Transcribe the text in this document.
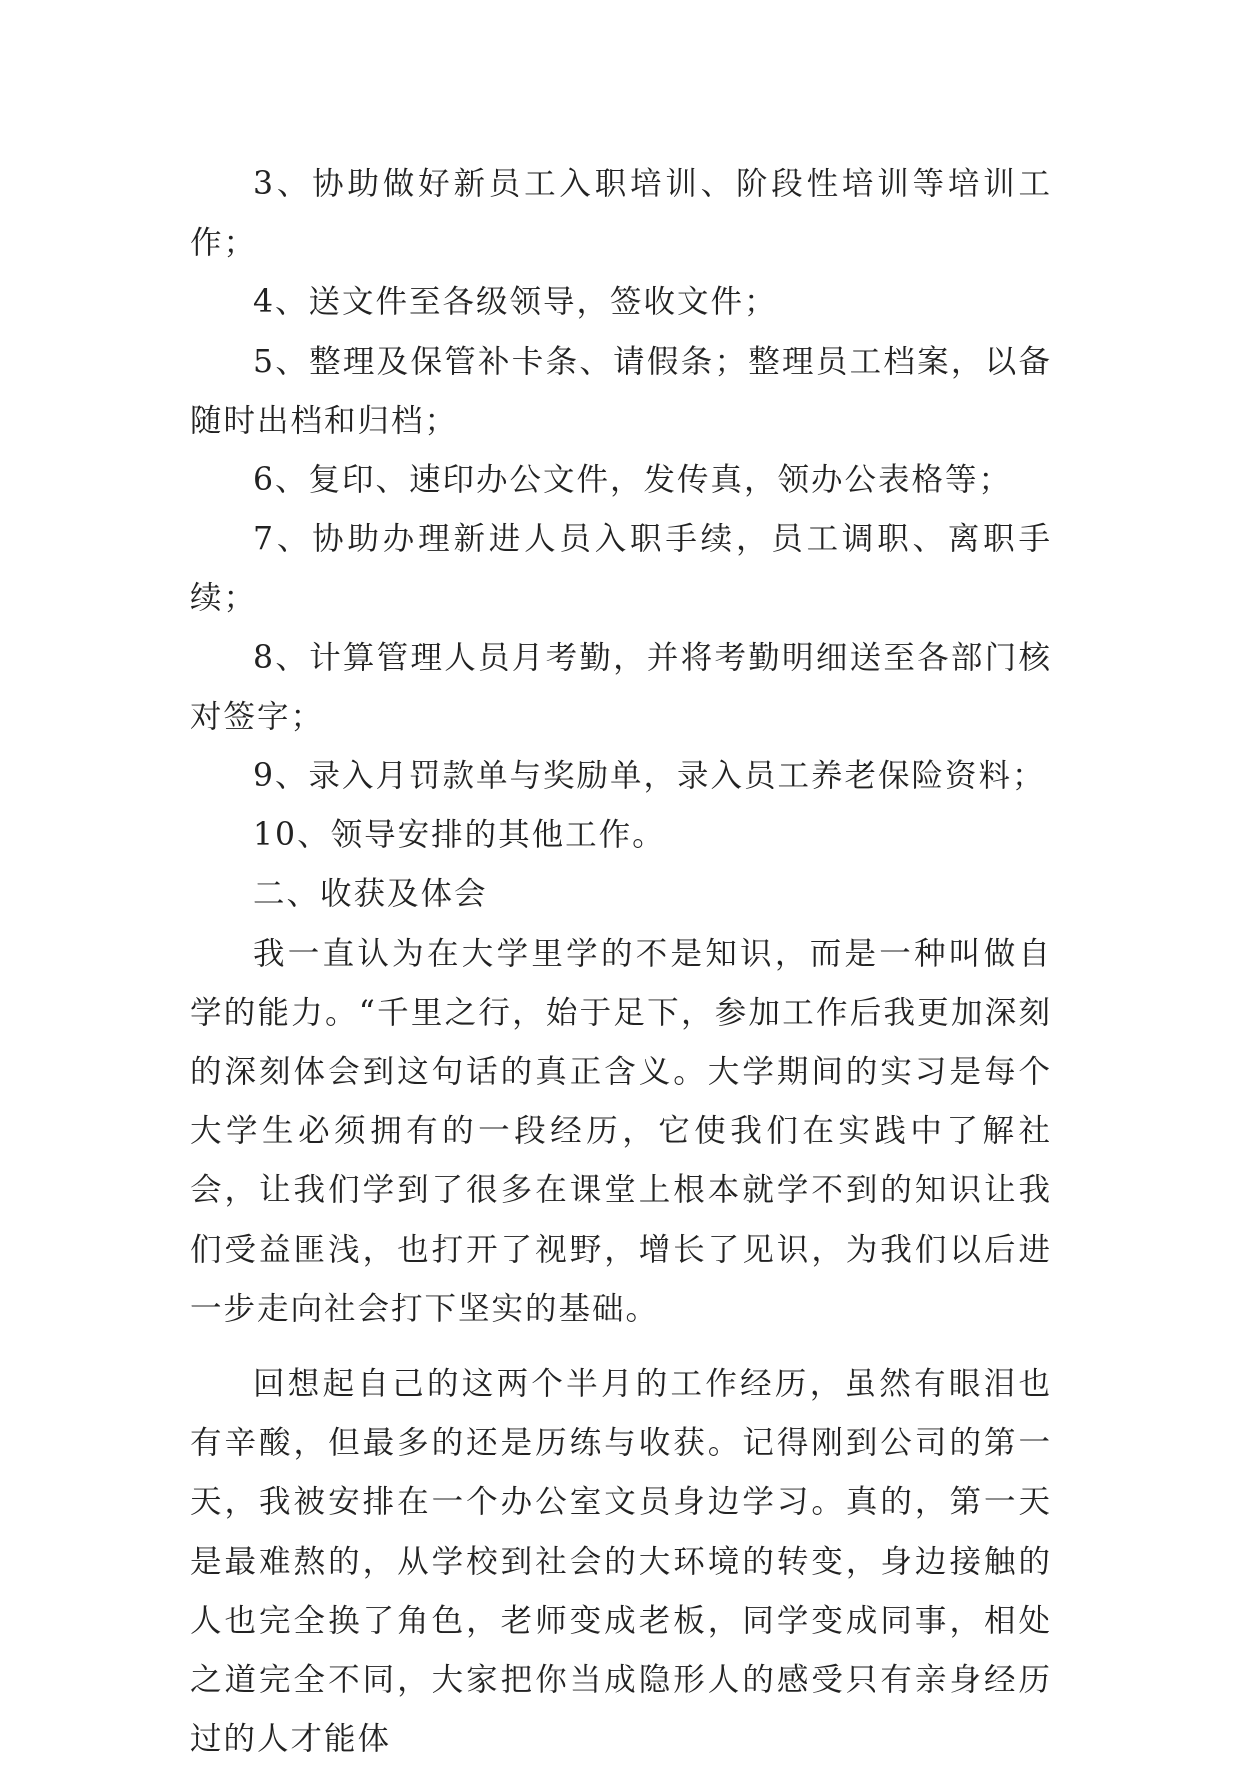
3、协助做好新员工入职培训、阶段性培训等培训工作；

4、送文件至各级领导，签收文件；

5、整理及保管补卡条、请假条；整理员工档案，以备随时出档和归档；

6、复印、速印办公文件，发传真，领办公表格等；

7、协助办理新进人员入职手续，员工调职、离职手续；

8、计算管理人员月考勤，并将考勤明细送至各部门核对签字；

9、录入月罚款单与奖励单，录入员工养老保险资料；

10、领导安排的其他工作。

二、收获及体会

我一直认为在大学里学的不是知识，而是一种叫做自学的能力。“千里之行，始于足下，参加工作后我更加深刻的深刻体会到这句话的真正含义。大学期间的实习是每个大学生必须拥有的一段经历，它使我们在实践中了解社会，让我们学到了很多在课堂上根本就学不到的知识让我们受益匪浅，也打开了视野，增长了见识，为我们以后进一步走向社会打下坚实的基础。

回想起自己的这两个半月的工作经历，虽然有眼泪也有辛酸，但最多的还是历练与收获。记得刚到公司的第一天，我被安排在一个办公室文员身边学习。真的，第一天是最难熬的，从学校到社会的大环境的转变，身边接触的人也完全换了角色，老师变成老板，同学变成同事，相处之道完全不同，大家把你当成隐形人的感受只有亲身经历过的人才能体
